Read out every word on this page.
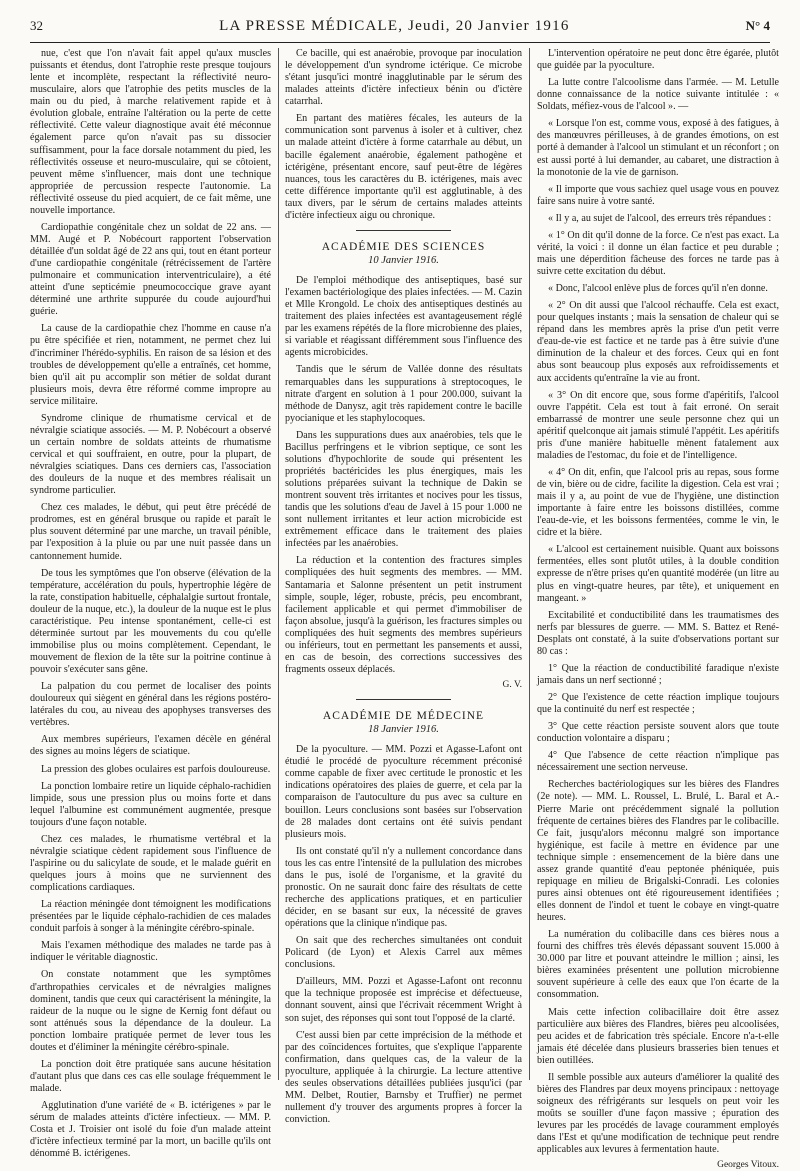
32	LA PRESSE MÉDICALE, Jeudi, 20 Janvier 1916	N° 4

nue, c'est que l'on n'avait fait appel qu'aux muscles puissants et étendus, dont l'atrophie reste presque toujours lente et incomplète, respectant la réflectivité neuro-musculaire, alors que l'atrophie des petits muscles de la main ou du pied, à marche relativement rapide et à évolution globale, entraîne l'altération ou la perte de cette réflectivité. Cette valeur diagnostique avait été méconnue également parce qu'on n'avait pas su dissocier suffisamment, pour la face dorsale notamment du pied, les réflectivités osseuse et neuro-musculaire, qui se côtoient, peuvent même s'influencer, mais dont une technique appropriée de percussion respecte l'autonomie. La réflectivité osseuse du pied acquiert, de ce fait même, une nouvelle importance.

Cardiopathie congénitale chez un soldat de 22 ans. — MM. Augé et P. Nobécourt rapportent l'observation détaillée d'un soldat âgé de 22 ans qui, tout en étant porteur d'une cardiopathie congénitale (rétrécissement de l'artère pulmonaire et communication interventriculaire), a été atteint d'une septicémie pneumococcique grave ayant déterminé une arthrite suppurée du coude aujourd'hui guérie.

La cause de la cardiopathie chez l'homme en cause n'a pu être spécifiée et rien, notamment, ne permet chez lui d'incriminer l'hérédo-syphilis. En raison de sa lésion et des troubles de développement qu'elle a entraînés, cet homme, bien qu'il ait pu accomplir son métier de soldat durant plusieurs mois, devra être réformé comme impropre au service militaire.

Syndrome clinique de rhumatisme cervical et de névralgie sciatique associés. — M. P. Nobécourt a observé un certain nombre de soldats atteints de rhumatisme cervical et qui souffraient, en outre, pour la plupart, de névralgies sciatiques. Dans ces derniers cas, l'association des douleurs de la nuque et des membres réalisait un syndrome particulier.

Chez ces malades, le début, qui peut être précédé de prodromes, est en général brusque ou rapide et paraît le plus souvent déterminé par une marche, un travail pénible, par l'exposition à la pluie ou par une nuit passée dans un cantonnement humide.

De tous les symptômes que l'on observe (élévation de la température, accélération du pouls, hypertrophie légère de la rate, constipation habituelle, céphalalgie surtout frontale, douleur de la nuque, etc.), la douleur de la nuque est le plus caractéristique. Peu intense spontanément, celle-ci est déterminée surtout par les mouvements du cou qu'elle immobilise plus ou moins complètement. Cependant, le mouvement de flexion de la tête sur la poitrine continue à pouvoir s'exécuter sans gêne.

La palpation du cou permet de localiser des points douloureux qui siègent en général dans les régions postéro-latérales du cou, au niveau des apophyses transverses des vertèbres.

Aux membres supérieurs, l'examen décèle en général des signes au moins légers de sciatique.

La pression des globes oculaires est parfois douloureuse.

La ponction lombaire retire un liquide céphalo-rachidien limpide, sous une pression plus ou moins forte et dans lequel l'albumine est communément augmentée, presque toujours d'une façon notable.

Chez ces malades, le rhumatisme vertébral et la névralgie sciatique cèdent rapidement sous l'influence de l'aspirine ou du salicylate de soude, et le malade guérit en quelques jours à moins que ne surviennent des complications cardiaques.

La réaction méningée dont témoignent les modifications présentées par le liquide céphalo-rachidien de ces malades conduit parfois à songer à la méningite cérébro-spinale.

Mais l'examen méthodique des malades ne tarde pas à indiquer le véritable diagnostic.

On constate notamment que les symptômes d'arthropathies cervicales et de névralgies malignes dominent, tandis que ceux qui caractérisent la méningite, la raideur de la nuque ou le signe de Kernig font défaut ou sont atténués sous la dépendance de la douleur. La ponction lombaire pratiquée permet de lever tous les doutes et d'éliminer la méningite cérébro-spinale.

La ponction doit être pratiquée sans aucune hésitation d'autant plus que dans ces cas elle soulage fréquemment le malade.

Agglutination d'une variété de « B. ictérigenes » par le sérum de malades atteints d'ictère infectieux. — MM. P. Costa et J. Troisier ont isolé du foie d'un malade atteint d'ictère infectieux terminé par la mort, un bacille qu'ils ont dénommé B. ictérigenes.

Ce bacille, qui est anaérobie, provoque par inoculation le développement d'un syndrome ictérique. Ce microbe s'étant jusqu'ici montré inagglutinable par le sérum des malades atteints d'ictère infectieux bénin ou d'ictère catarrhal.

En partant des matières fécales, les auteurs de la communication sont parvenus à isoler et à cultiver, chez un malade atteint d'ictère à forme catarrhale au début, un bacille également anaérobie, également pathogène et ictérigène, présentant encore, sauf peut-être de légères nuances, tous les caractères du B. ictérigenes, mais avec cette différence importante qu'il est agglutinable, à des taux divers, par le sérum de certains malades atteints d'ictère infectieux aigu ou chronique.

ACADÉMIE DES SCIENCES
10 Janvier 1916.

De l'emploi méthodique des antiseptiques, basé sur l'examen bactériologique des plaies infectées. — M. Cazin et Mlle Krongold. Le choix des antiseptiques destinés au traitement des plaies infectées est avantageusement réglé par les examens répétés de la flore microbienne des plaies, si variable et réagissant différemment sous l'influence des agents microbicides.

Tandis que le sérum de Vallée donne des résultats remarquables dans les suppurations à streptocoques, le nitrate d'argent en solution à 1 pour 200.000, suivant la méthode de Danysz, agit très rapidement contre le bacille pyocianique et les staphylocoques.

Dans les suppurations dues aux anaérobies, tels que le Bacillus perfringens et le vibrion septique, ce sont les solutions d'hypochlorite de soude qui présentent les propriétés bactéricides les plus énergiques, mais les solutions préparées suivant la technique de Dakin se montrent souvent très irritantes et nocives pour les tissus, tandis que les solutions d'eau de Javel à 15 pour 1.000 ne sont nullement irritantes et leur action microbicide est extrêmement efficace dans le traitement des plaies infectées par les anaérobies.

La réduction et la contention des fractures simples compliquées des huit segments des membres. — MM. Santamaria et Salonne présentent un petit instrument simple, souple, léger, robuste, précis, peu encombrant, facilement applicable et qui permet d'immobiliser de façon absolue, jusqu'à la guérison, les fractures simples ou compliquées des huit segments des membres supérieurs ou inférieurs, tout en permettant les pansements et aussi, en cas de besoin, des corrections successives des fragments osseux déplacés.

G. V.

ACADÉMIE DE MÉDECINE
18 Janvier 1916.

De la pyoculture. — MM. Pozzi et Agasse-Lafont ont étudié le procédé de pyoculture récemment préconisé comme capable de fixer avec certitude le pronostic et les indications opératoires des plaies de guerre, et cela par la comparaison de l'autoculture du pus avec sa culture en bouillon. Leurs conclusions sont basées sur l'observation de 28 malades dont certains ont été suivis pendant plusieurs mois.

Ils ont constaté qu'il n'y a nullement concordance dans tous les cas entre l'intensité de la pullulation des microbes dans le pus, isolé de l'organisme, et la gravité du pronostic. On ne saurait donc faire des résultats de cette recherche des applications pratiques, et en particulier décider, en se basant sur eux, la nécessité de graves opérations que la clinique n'indique pas.

On sait que des recherches simultanées ont conduit Policard (de Lyon) et Alexis Carrel aux mêmes conclusions.

D'ailleurs, MM. Pozzi et Agasse-Lafont ont reconnu que la technique proposée est imprécise et défectueuse, donnant souvent, ainsi que l'écrivait récemment Wright à son sujet, des réponses qui sont tout l'opposé de la clarté.

C'est aussi bien par cette imprécision de la méthode et par des coïncidences fortuites, que s'explique l'apparente confirmation, dans quelques cas, de la valeur de la pyoculture, appliquée à la chirurgie. La lecture attentive des seules observations détaillées publiées jusqu'ici (par MM. Delbet, Routier, Barnsby et Truffier) ne permet nullement d'y trouver des arguments propres à forcer la conviction.

L'intervention opératoire ne peut donc être égarée, plutôt que guidée par la pyoculture.

La lutte contre l'alcoolisme dans l'armée. — M. Letulle donne connaissance de la notice suivante intitulée : « Soldats, méfiez-vous de l'alcool ». —

« Lorsque l'on est, comme vous, exposé à des fatigues, à des manœuvres périlleuses, à de grandes émotions, on est porté à demander à l'alcool un stimulant et un réconfort ; on est aussi porté à lui demander, au cabaret, une distraction à la monotonie de la vie de garnison.

« Il importe que vous sachiez quel usage vous en pouvez faire sans nuire à votre santé.

« Il y a, au sujet de l'alcool, des erreurs très répandues :

« 1° On dit qu'il donne de la force. Ce n'est pas exact. La vérité, la voici : il donne un élan factice et peu durable ; mais une déperdition fâcheuse des forces ne tarde pas à suivre cette excitation du début.

« Donc, l'alcool enlève plus de forces qu'il n'en donne.

« 2° On dit aussi que l'alcool réchauffe. Cela est exact, pour quelques instants ; mais la sensation de chaleur qui se répand dans les membres après la prise d'un petit verre d'eau-de-vie est factice et ne tarde pas à être suivie d'une diminution de la chaleur et des forces. Ceux qui en font abus sont beaucoup plus exposés aux refroidissements et aux accidents qu'entraîne la vie au front.

« 3° On dit encore que, sous forme d'apéritifs, l'alcool ouvre l'appétit. Cela est tout à fait erroné. On serait embarrassé de montrer une seule personne chez qui un apéritif quelconque ait jamais stimulé l'appétit. Les apéritifs pris d'une manière habituelle mènent fatalement aux maladies de l'estomac, du foie et de l'intelligence.

« 4° On dit, enfin, que l'alcool pris au repas, sous forme de vin, bière ou de cidre, facilite la digestion. Cela est vrai ; mais il y a, au point de vue de l'hygiène, une distinction importante à faire entre les boissons distillées, comme l'eau-de-vie, et les boissons fermentées, comme le vin, le cidre et la bière.

« L'alcool est certainement nuisible. Quant aux boissons fermentées, elles sont plutôt utiles, à la double condition expresse de n'être prises qu'en quantité modérée (un litre au plus en vingt-quatre heures, par tête), et uniquement en mangeant. »

Excitabilité et conductibilité dans les traumatismes des nerfs par blessures de guerre. — MM. S. Battez et René-Desplats ont constaté, à la suite d'observations portant sur 80 cas :

1° Que la réaction de conductibilité faradique n'existe jamais dans un nerf sectionné ;

2° Que l'existence de cette réaction implique toujours que la continuité du nerf est respectée ;

3° Que cette réaction persiste souvent alors que toute conduction volontaire a disparu ;

4° Que l'absence de cette réaction n'implique pas nécessairement une section nerveuse.

Recherches bactériologiques sur les bières des Flandres (2e note). — MM. L. Roussel, L. Brulé, L. Baral et A.-Pierre Marie ont précédemment signalé la pollution fréquente de certaines bières des Flandres par le colibacille. Ce fait, jusqu'alors méconnu malgré son importance hygiénique, est facile à mettre en évidence par une technique simple : ensemencement de la bière dans une assez grande quantité d'eau peptonée phéniquée, puis repiquage en milieu de Brigalski-Conradi. Les colonies pures ainsi obtenues ont été rigoureusement identifiées ; elles donnent de l'indol et tuent le cobaye en vingt-quatre heures.

La numération du colibacille dans ces bières nous a fourni des chiffres très élevés dépassant souvent 15.000 à 30.000 par litre et pouvant atteindre le million ; ainsi, les bières examinées présentent une pollution microbienne souvent supérieure à celle des eaux que l'on écarte de la consommation.

Mais cette infection colibacillaire doit être assez particulière aux bières des Flandres, bières peu alcoolisées, peu acides et de fabrication très spéciale. Encore n'a-t-elle jamais été décelée dans plusieurs brasseries bien tenues et bien outillées.

Il semble possible aux auteurs d'améliorer la qualité des bières des Flandres par deux moyens principaux : nettoyage soigneux des réfrigérants sur lesquels on peut voir les moûts se souiller d'une façon massive ; épuration des levures par les procédés de lavage couramment employés dans l'Est et qu'une modification de technique peut rendre applicables aux levures à fermentation haute.

Georges Vitoux.
